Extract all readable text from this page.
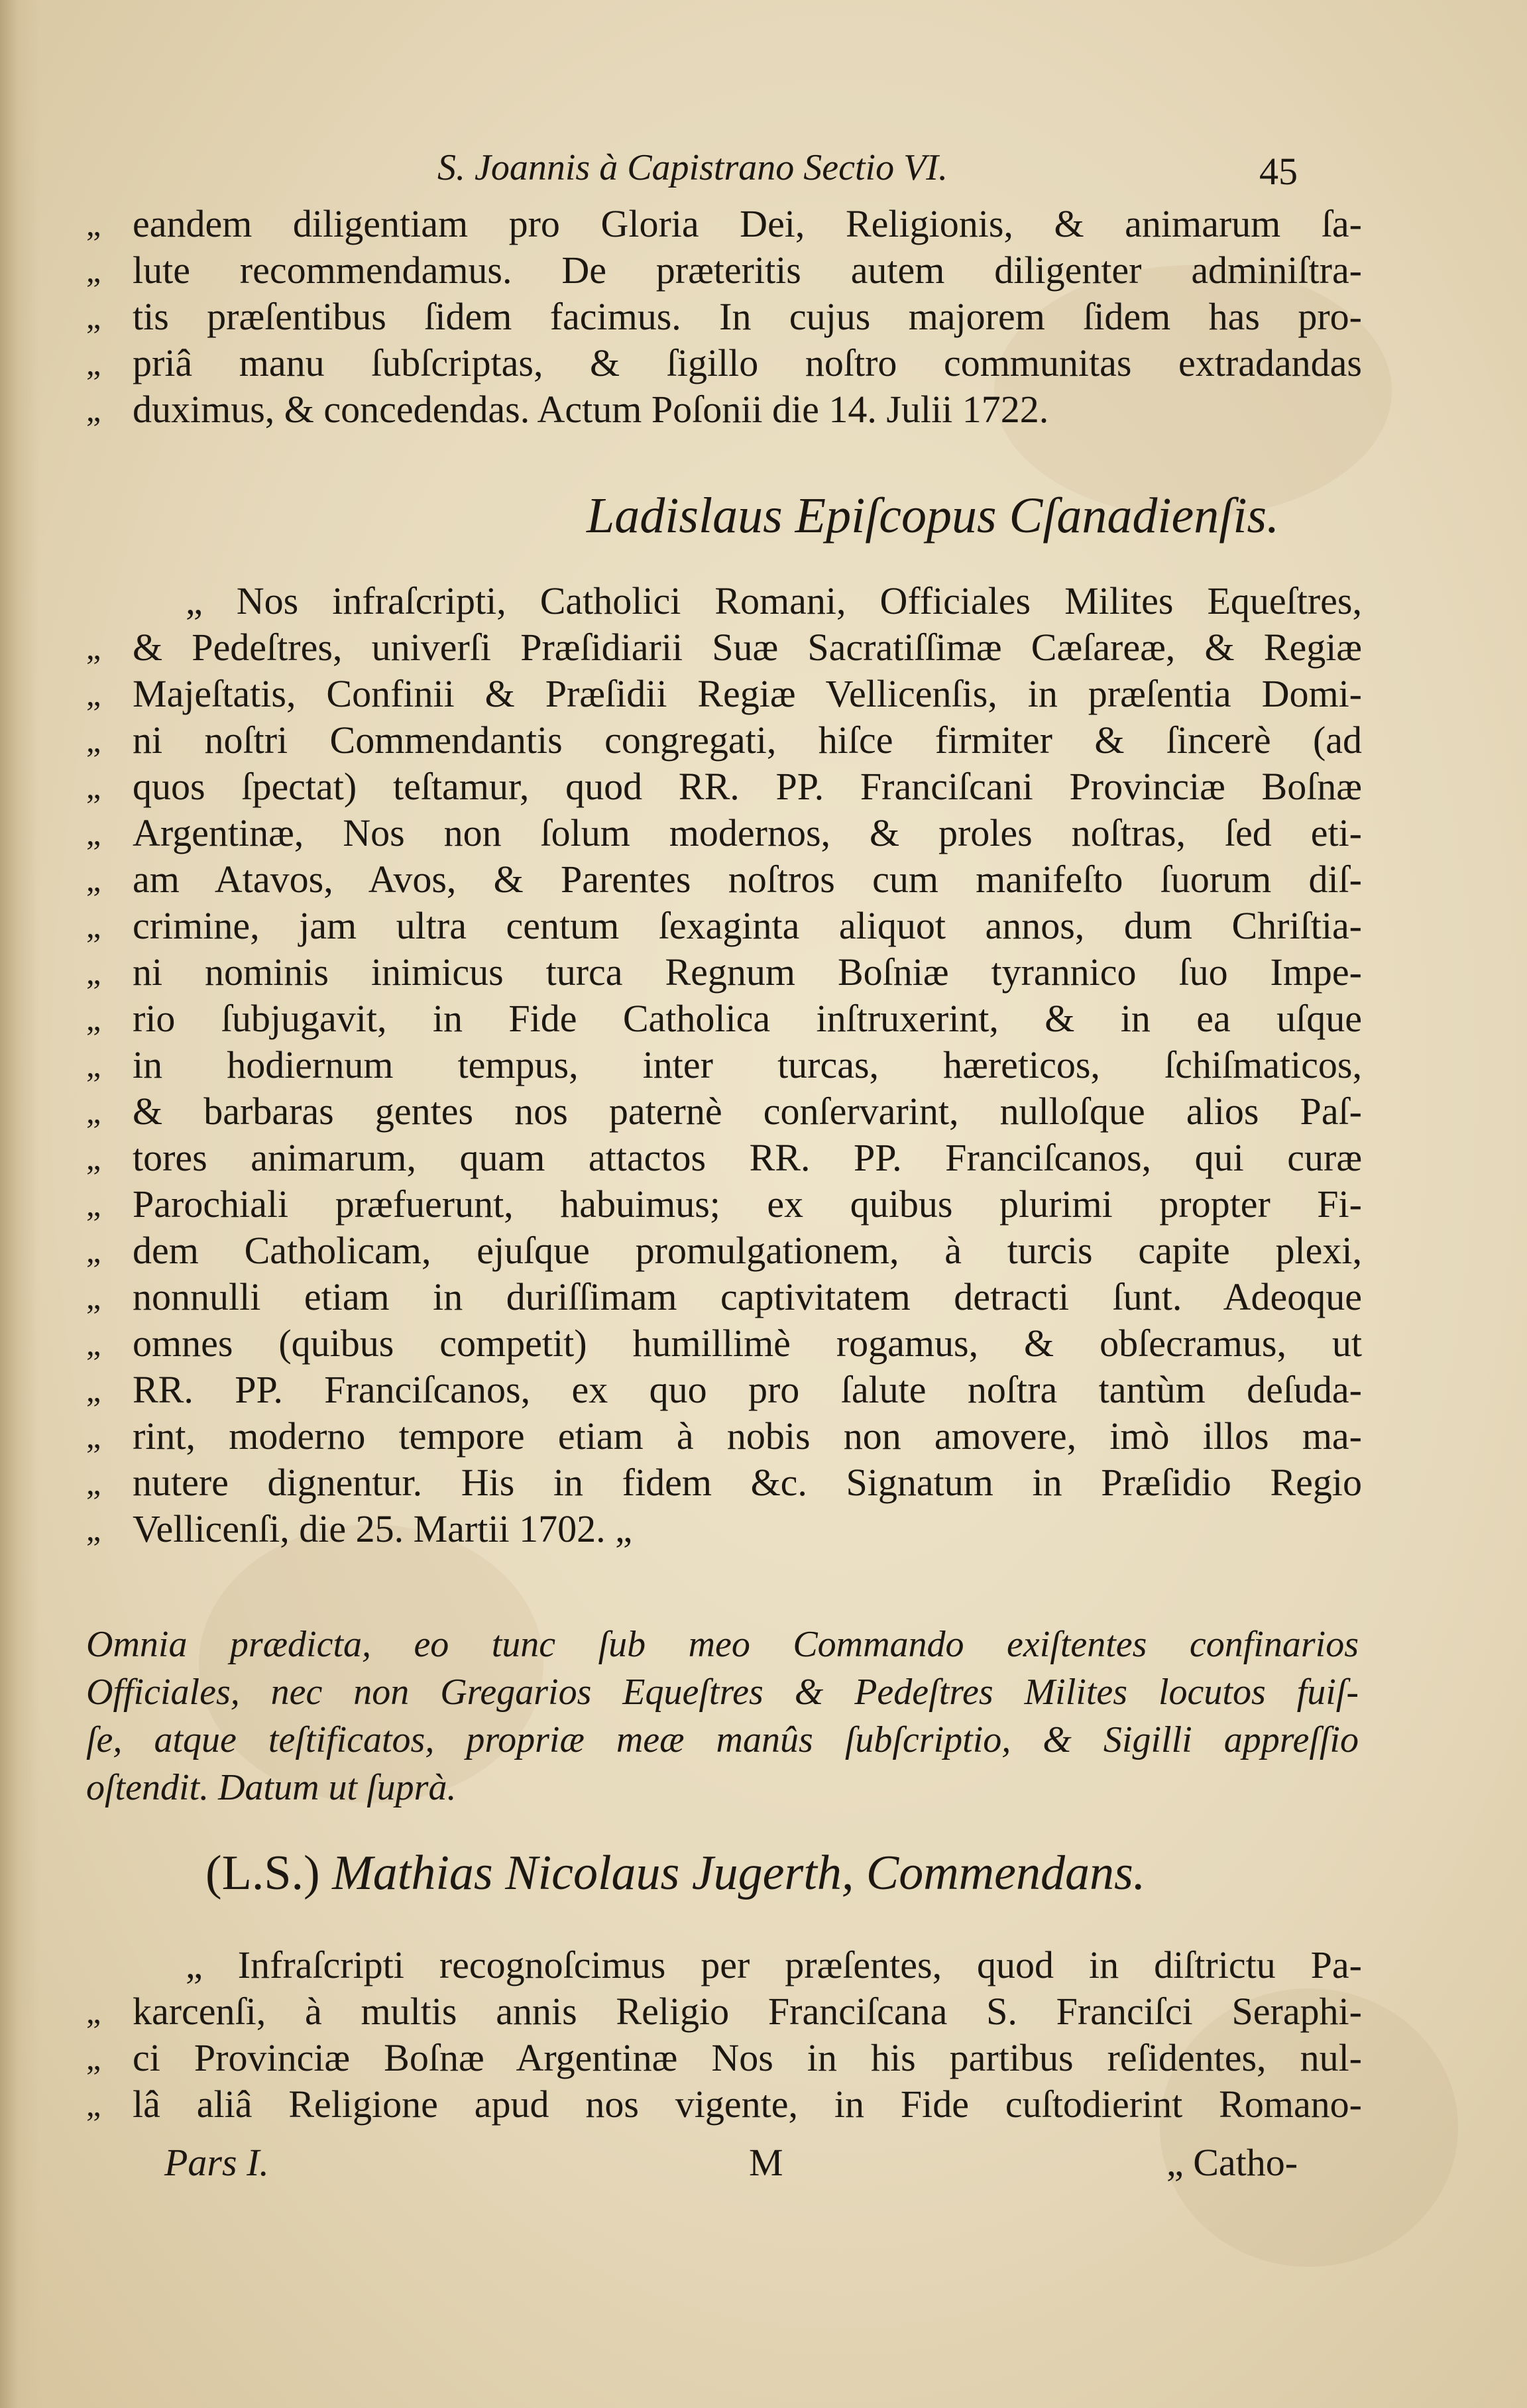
S. Joannis à Capistrano Sectio VI.	45
„ eandem diligentiam pro Gloria Dei, Religionis, & animarum ſa-
„ lute recommendamus. De præteritis autem diligenter adminiſtra-
„ tis præſentibus ſidem facimus. In cujus majorem ſidem has pro-
„ priâ manu ſubſcriptas, & ſigillo noſtro communitas extradandas
„ duximus, & concedendas. Actum Poſonii die 14. Julii 1722.
Ladislaus Epiſcopus Cſanadienſis.
„ Nos infraſcripti, Catholici Romani, Officiales Milites Equeſtres,
„ & Pedeſtres, univerſi Præſidiarii Suæ Sacratiſſimæ Cæſareæ, & Regiæ
„ Majeſtatis, Confinii & Præſidii Regiæ Vellicenſis, in præſentia Domi-
„ ni noſtri Commendantis congregati, hiſce firmiter & ſincerè (ad
„ quos ſpectat) teſtamur, quod RR. PP. Franciſcani Provinciæ Boſnæ
„ Argentinæ, Nos non ſolum modernos, & proles noſtras, ſed eti-
„ am Atavos, Avos, & Parentes noſtros cum manifeſto ſuorum diſ-
„ crimine, jam ultra centum ſexaginta aliquot annos, dum Chriſtia-
„ ni nominis inimicus turca Regnum Boſniæ tyrannico ſuo Impe-
„ rio ſubjugavit, in Fide Catholica inſtruxerint, & in ea uſque
„ in hodiernum tempus, inter turcas, hæreticos, ſchiſmaticos,
„ & barbaras gentes nos paternè conſervarint, nulloſque alios Paſ-
„ tores animarum, quam attactos RR. PP. Franciſcanos, qui curæ
„ Parochiali præfuerunt, habuimus; ex quibus plurimi propter Fi-
„ dem Catholicam, ejuſque promulgationem, à turcis capite plexi,
„ nonnulli etiam in duriſſimam captivitatem detracti ſunt. Adeoque
„ omnes (quibus competit) humillimè rogamus, & obſecramus, ut
„ RR. PP. Franciſcanos, ex quo pro ſalute noſtra tantùm deſuda-
„ rint, moderno tempore etiam à nobis non amovere, imò illos ma-
„ nutere dignentur. His in fidem &c. Signatum in Præſidio Regio
„ Vellicenſi, die 25. Martii 1702. „
Omnia prædicta, eo tunc ſub meo Commando exiſtentes confinarios
Officiales, nec non Gregarios Equeſtres & Pedeſtres Milites locutos fuiſ-
ſe, atque teſtificatos, propriæ meæ manûs ſubſcriptio, & Sigilli appreſſio
oſtendit. Datum ut ſuprà.
(L.S.) Mathias Nicolaus Jugerth, Commendans.
„ Infraſcripti recognoſcimus per præſentes, quod in diſtrictu Pa-
„ karcenſi, à multis annis Religio Franciſcana S. Franciſci Seraphi-
„ ci Provinciæ Boſnæ Argentinæ Nos in his partibus reſidentes, nul-
„ lâ aliâ Religione apud nos vigente, in Fide cuſtodierint Romano-
Pars I.	M	„ Catho-
